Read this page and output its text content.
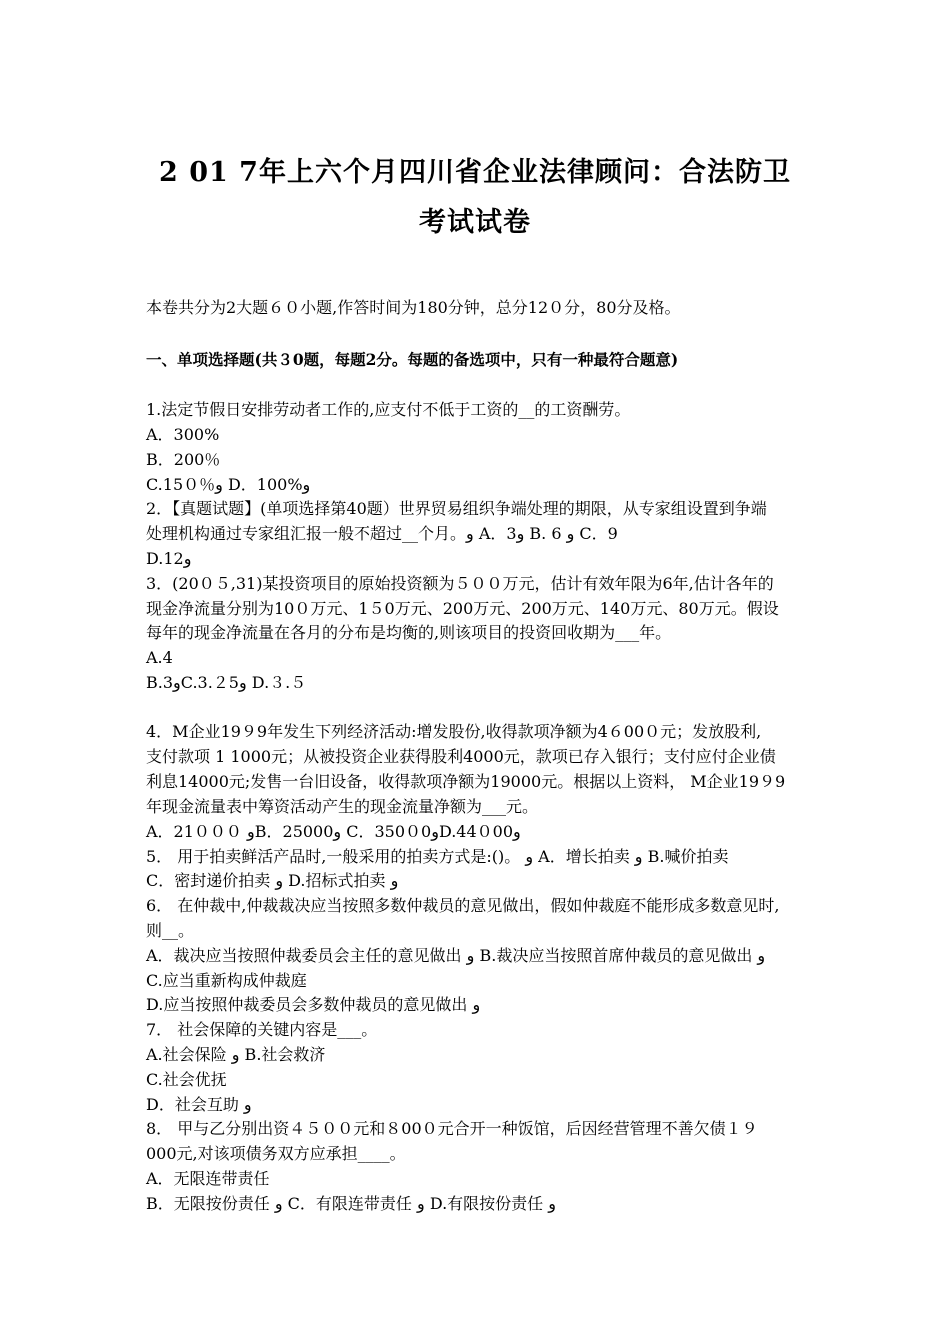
2 01 7年上六个月四川省企业法律顾问：合法防卫
考试试卷
本卷共分为2大题６０小题,作答时间为180分钟，总分12０分，80分及格。
一、单项选择题(共３0题，每题2分。每题的备选项中，只有一种最符合题意)
1.法定节假日安排劳动者工作的,应支付不低于工资的__的工资酬劳。
A．300%
B．200％
C.15０％و D．100%و
2．【真题试题】(单项选择第40题）世界贸易组织争端处理的期限，从专家组设置到争端
处理机构通过专家组汇报一般不超过__个月。و A．3و B. 6 و C．9
D.12و
3．(20０５,31)某投资项目的原始投资额为５００万元，估计有效年限为6年,估计各年的
现金净流量分别为10０万元、1５0万元、200万元、200万元、140万元、80万元。假设
每年的现金净流量在各月的分布是均衡的,则该项目的投资回收期为___年。
A.4
B.3وC.3.２5و D.３.５
4．M企业19９9年发生下列经济活动:增发股份,收得款项净额为4６00０元；发放股利,
支付款项 1 1000元；从被投资企业获得股利4000元，款项已存入银行；支付应付企业债
利息14000元;发售一台旧设备，收得款项净额为19000元。根据以上资料， M企业19９9
年现金流量表中筹资活动产生的现金流量净额为___元。
A．21０００ وB．25000و C．350０0وD.44０00و
5． 用于拍卖鲜活产品时,一般采用的拍卖方式是:()。 و A．增长拍卖 و B.喊价拍卖
C．密封递价拍卖 و D.招标式拍卖 و
6． 在仲裁中,仲裁裁决应当按照多数仲裁员的意见做出，假如仲裁庭不能形成多数意见时,
则__。
A．裁决应当按照仲裁委员会主任的意见做出 و B.裁决应当按照首席仲裁员的意见做出 و
C.应当重新构成仲裁庭
D.应当按照仲裁委员会多数仲裁员的意见做出 و
7． 社会保障的关键内容是___。
A.社会保险 و B.社会救济
C.社会优抚
D．社会互助 و
8． 甲与乙分别出资４５００元和８00０元合开一种饭馆，后因经营管理不善欠债１９
000元,对该项债务双方应承担____。
A．无限连带责任
B．无限按份责任 و C．有限连带责任 و D.有限按份责任 و
